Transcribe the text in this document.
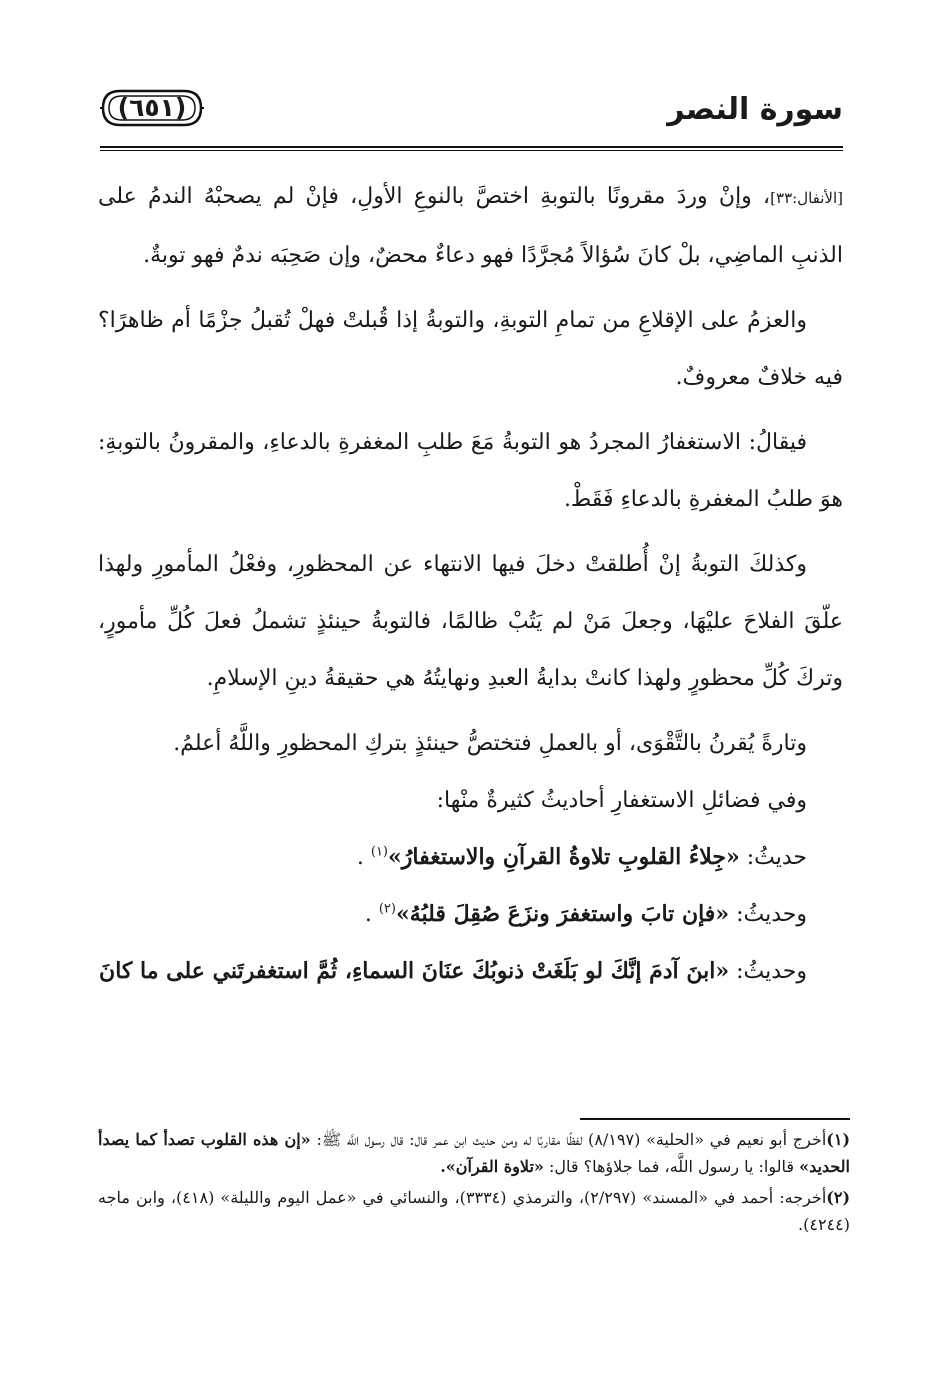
سورة النصر
(٦٥١)

[الأنفال:٣٣]، وإنْ وردَ مقرونًا بالتوبةِ اختصَّ بالنوعِ الأولِ، فإنْ لم يصحبْهُ الندمُ على الذنبِ الماضِي، بلْ كانَ سُؤالاً مُجرَّدًا فهو دعاءٌ محضٌ، وإن صَحِبَه ندمٌ فهو توبةٌ.

والعزمُ على الإقلاعِ من تمامِ التوبةِ، والتوبةُ إذا قُبلتْ فهلْ تُقبلُ جزْمًا أم ظاهرًا؟ فيه خلافٌ معروفٌ.

فيقالُ: الاستغفارُ المجردُ هو التوبةُ مَعَ طلبِ المغفرةِ بالدعاءِ، والمقرونُ بالتوبةِ: هوَ طلبُ المغفرةِ بالدعاءِ فَقَطْ.

وكذلكَ التوبةُ إنْ أُطلقتْ دخلَ فيها الانتهاء عن المحظورِ، وفعْلُ المأمورِ ولهذا علّقَ الفلاحَ عليْهَا، وجعلَ مَنْ لم يَتُبْ ظالمًا، فالتوبةُ حينئذٍ تشملُ فعلَ كُلِّ مأمورٍ، وتركَ كُلِّ محظورٍ ولهذا كانتْ بدايةُ العبدِ ونهايتُهُ هي حقيقةُ دينِ الإسلامِ.

وتارةً يُقرنُ بالتَّقْوَى، أو بالعملِ فتختصُّ حينئذٍ بتركِ المحظورِ واللَّهُ أعلمُ.

وفي فضائلِ الاستغفارِ أحاديثُ كثيرةٌ منْها:

حديثُ: «جِلاءُ القلوبِ تلاوةُ القرآنِ والاستغفارُ»$^{(١)}$ .

وحديثُ: «فإن تابَ واستغفرَ ونزَعَ صُقِلَ قلبُهُ»$^{(٢)}$ .

وحديثُ: «ابنَ آدمَ إنَّكَ لو بَلَغَتْ ذنوبُكَ عنَانَ السماءِ، ثُمَّ استغفرتَني على ما كانَ

(١)أخرج أبو نعيم في «الحلية» (٨/١٩٧) لفظًا مقاربًا له ومن حديث ابن عمر قال: قال رسول اللَّه ﷺ: «إن هذه القلوب تصدأ كما يصدأ الحديد» قالوا: يا رسول اللَّه، فما جلاؤها؟ قال: «تلاوة القرآن».

(٢)أخرجه: أحمد في «المسند» (٢/٢٩٧)، والترمذي (٣٣٣٤)، والنسائي في «عمل اليوم والليلة» (٤١٨)، وابن ماجه (٤٢٤٤).
